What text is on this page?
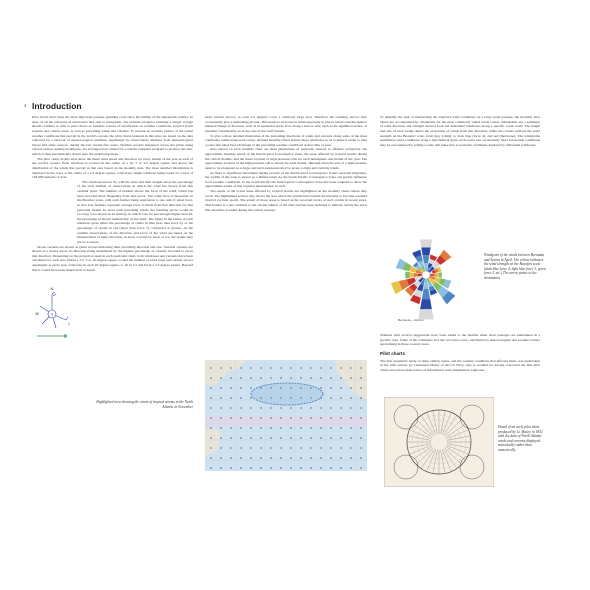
4 Introduction

Pilot charts have been the most important passage planning tools since the middle of the nineteenth century. In spite of all the advances in electronics and aids to navigation, any prudent navigator planning a longer voyage should continue to refer to pilot charts as valuable sources of information on weather conditions, tropical storm seasons and critical areas, as well as prevailing winds and currents. To present an accurate picture of the actual weather conditions that prevail in the world's oceans, the pilot charts featured in this atlas are based on the data collected by a network of meteorological satellites, augmented by observations obtained from meteorological buoys and other sources, during the last twenty-five years. Weather records measured across the globe using various remote sensing techniques, are averaged and collated by a custom computer program to produce the data, which is then automatically drawn onto the underlying maps.

The pilot charts in this atlas show the mean wind speed and direction for every month of the year in each of the world's oceans. Each windrose is located in the centre of a 10, 5 or 2.5 degree square and shows the distribution of the winds that prevail in that area based on the monthly data. The most detailed information is displayed in the roses at the centre of a 2.5 degree square, with every single windrose being based on a total of 118,000 samples of data.

The windrose arrows fly with the wind and their lengths show the percentage of the total number of observations in which the wind has blown from that cardinal point. The number of feathers shows the force of the wind, which has been recorded most frequently from that sector. The wind force is measured on the Beaufort scale, with each feather being equivalent to one unit of wind force, so that four feathers represent average force 4 winds from that direction for that particular month. In areas with prevailing winds, the resulting arrow would be too long to be shown in its entirety, in which case for percentages higher than 29, the percentage is shown numerically on the shaft. The figure in the centre of each windrose gives either the percentage of calms in blue (less than force 2), or the percentage of storms in red (more than force 7), whichever is greater. As the satellite observations of the direction and force of the wind are based on the measurement of light refraction, in areas covered by snow or ice, the results may not be accurate.

Ocean currents are shown as green arrows indicating their prevailing direction and rate. Variable currents are shown as a dotted arrow, its direction being determined by the highest percentage of currents recorded to set in that direction. Depending on the projection used in each particular chart, both windroses and currents have been calculated for each area within a 2.5, 5 or 10-degree square, so that the number of wind roses and current arrows quadruples at every step, from four in each 10 degree square, to 16 in a 5 and 64 in a 2.5 degree square. Beyond that it would have been impractical to depict

5
N
26
1

more current arrows, as even 2.5 degrees cover a relatively large area. Therefore the resulting arrows may occasionally give a misleading picture. This needs to be borne in mind especially in places where currents make a marked change of direction, such as in equatorial areas; flow along a narrow axis, such as the Agulhas Current; or meander considerably, as in the case of the Gulf Stream.

To give a more detailed illustration of the prevailing directions of winds and currents along some of the most commonly sailed transocean routes, detailed monthly charts feature more windroses so as to make it easier to plan a route that takes best advantage of the prevailing weather conditions at that time of year.

Also shown on each monthly chart are three phenomena of particular interest to offshore navigators: the approximate monthly extent of the Intertropical Convergence Zone, the areas affected by tropical storms during the critical months, and the mean location of high pressure cells for each hemisphere and month of the year. The approximate location of the high-pressure cell is shown for each month, although often the axis of a high-pressure tends to be elongated as a ridge, and such extensions may be prone to light and variable winds.

As there is significant movement during periods of the Intertropical Convergence Zone's seasonal migration, the widths of the zone is shown as a diffuse band. As the South Pacific Convergence Zone can greatly influence local weather conditions, in the South Pacific the Intertropical Convergence Zone has been widened to show the approximate extent of that regional phenomenon as well.

The extent of the ocean areas affected by tropical storms are highlighted on the monthly charts where they occur. The highlighted section only shows the area where the system had reached the intensity to become a named tropical cyclonic storm. The extent of those areas is based on the recorded tracks of such storms in recent years. This feature is a new addition to the current edition of the atlas and has been included to indicate clearly the areas that should be avoided during the critical seasons.

Highlighted area showing the extent of tropical storms in the North Atlantic in November

To simplify the task of interpreting the expected wind conditions on a long ocean passage, the monthly pilot charts are accompanied by windgrams for the most commonly sailed ocean routes. Windgrams are a summary of wind direction and strength derived from the individual windroses along a specific ocean route. The length and size of each wedge depict the proportion of winds from that direction, while the colours indicate the wind strength on the Beaufort scale, from grey (calm), to dark blue (force 4), and red (hurricane). The windgrams summarize wind conditions along a hypothetical great circle route, but occasionally more favourable conditions may be encountered by sailing a route that takes into account the conditions depicted by individual windroses.

Bermuda – Azores
Windgram of the winds between Bermuda and Azores in April. The colour indicates the wind strength on the Beaufort scale (dark blue force 4, light blue force 3, green force 2, etc.) The arrow points to the destination.

Sidebars with tactical suggestions have been added to the months when most passages are undertaken in a specific area. Some of the comments and tips on tactics were contributed by meteorologists and weather routers specialising in those oceanic areas.

Pilot charts

The first systematic study of ships' sailing routes, and the weather conditions that affected them, was undertaken in the 19th century by Lieutenant Maury of the US Navy, who is credited for having conceived the first pilot charts and whose main source of information were shipmasters' logbooks.

Detail of an early pilot chart produced by Lt. Maury in 1851 with the data of North Atlantic winds and currents displayed statistically rather than numerically.
